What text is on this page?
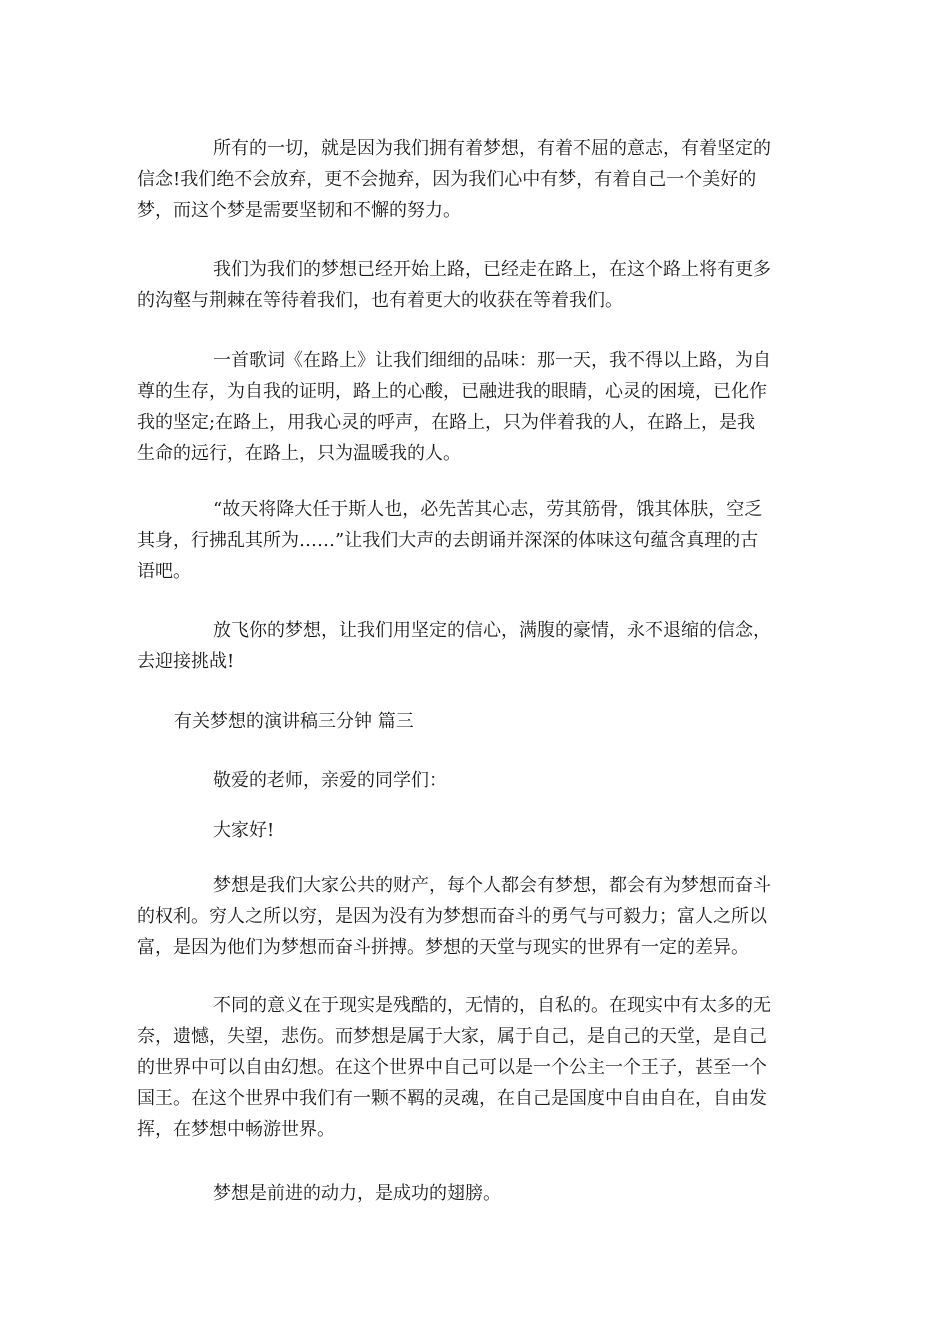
所有的一切，就是因为我们拥有着梦想，有着不屈的意志，有着坚定的
信念!我们绝不会放弃，更不会抛弃，因为我们心中有梦，有着自己一个美好的
梦，而这个梦是需要坚韧和不懈的努力。
我们为我们的梦想已经开始上路，已经走在路上，在这个路上将有更多
的沟壑与荆棘在等待着我们，也有着更大的收获在等着我们。
一首歌词《在路上》让我们细细的品味：那一天，我不得以上路，为自
尊的生存，为自我的证明，路上的心酸，已融进我的眼睛，心灵的困境，已化作
我的坚定;在路上，用我心灵的呼声，在路上，只为伴着我的人，在路上，是我
生命的远行，在路上，只为温暖我的人。
“故天将降大任于斯人也，必先苦其心志，劳其筋骨，饿其体肤，空乏
其身，行拂乱其所为……”让我们大声的去朗诵并深深的体味这句蕴含真理的古
语吧。
放飞你的梦想，让我们用坚定的信心，满腹的豪情，永不退缩的信念，
去迎接挑战!
有关梦想的演讲稿三分钟 篇三
敬爱的老师，亲爱的同学们：
大家好!
梦想是我们大家公共的财产，每个人都会有梦想，都会有为梦想而奋斗
的权利。穷人之所以穷，是因为没有为梦想而奋斗的勇气与可毅力；富人之所以
富，是因为他们为梦想而奋斗拼搏。梦想的天堂与现实的世界有一定的差异。
不同的意义在于现实是残酷的，无情的，自私的。在现实中有太多的无
奈，遗憾，失望，悲伤。而梦想是属于大家，属于自己，是自己的天堂，是自己
的世界中可以自由幻想。在这个世界中自己可以是一个公主一个王子，甚至一个
国王。在这个世界中我们有一颗不羁的灵魂，在自己是国度中自由自在，自由发
挥，在梦想中畅游世界。
梦想是前进的动力，是成功的翅膀。
